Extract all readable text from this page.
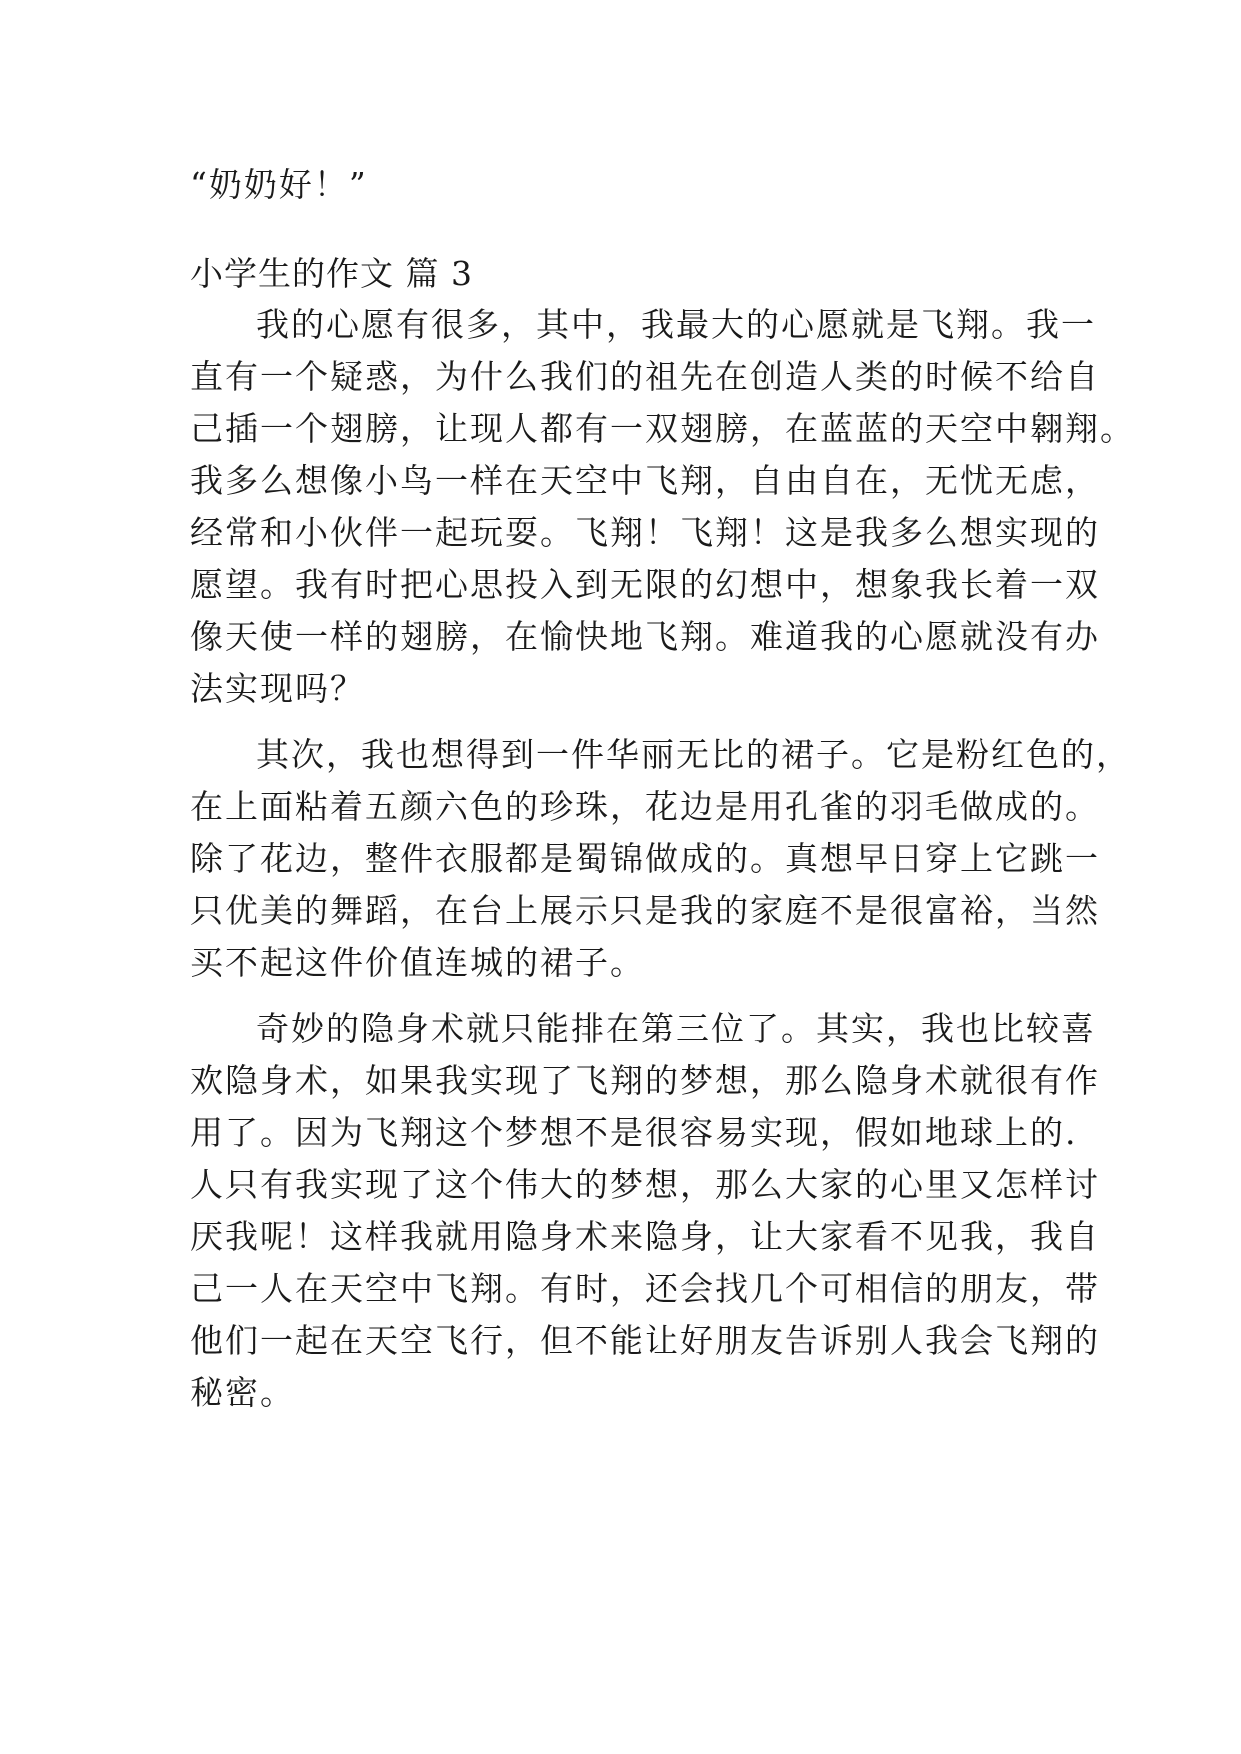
“奶奶好！”
小学生的作文 篇 3
我的心愿有很多，其中，我最大的心愿就是飞翔。我一
直有一个疑惑，为什么我们的祖先在创造人类的时候不给自
己插一个翅膀，让现人都有一双翅膀，在蓝蓝的天空中翱翔。
我多么想像小鸟一样在天空中飞翔，自由自在，无忧无虑，
经常和小伙伴一起玩耍。飞翔！飞翔！这是我多么想实现的
愿望。我有时把心思投入到无限的幻想中，想象我长着一双
像天使一样的翅膀，在愉快地飞翔。难道我的心愿就没有办
法实现吗？
其次，我也想得到一件华丽无比的裙子。它是粉红色的，
在上面粘着五颜六色的珍珠，花边是用孔雀的羽毛做成的。
除了花边，整件衣服都是蜀锦做成的。真想早日穿上它跳一
只优美的舞蹈，在台上展示只是我的家庭不是很富裕，当然
买不起这件价值连城的裙子。
奇妙的隐身术就只能排在第三位了。其实，我也比较喜
欢隐身术，如果我实现了飞翔的梦想，那么隐身术就很有作
用了。因为飞翔这个梦想不是很容易实现，假如地球上的.
人只有我实现了这个伟大的梦想，那么大家的心里又怎样讨
厌我呢！这样我就用隐身术来隐身，让大家看不见我，我自
己一人在天空中飞翔。有时，还会找几个可相信的朋友，带
他们一起在天空飞行，但不能让好朋友告诉别人我会飞翔的
秘密。
